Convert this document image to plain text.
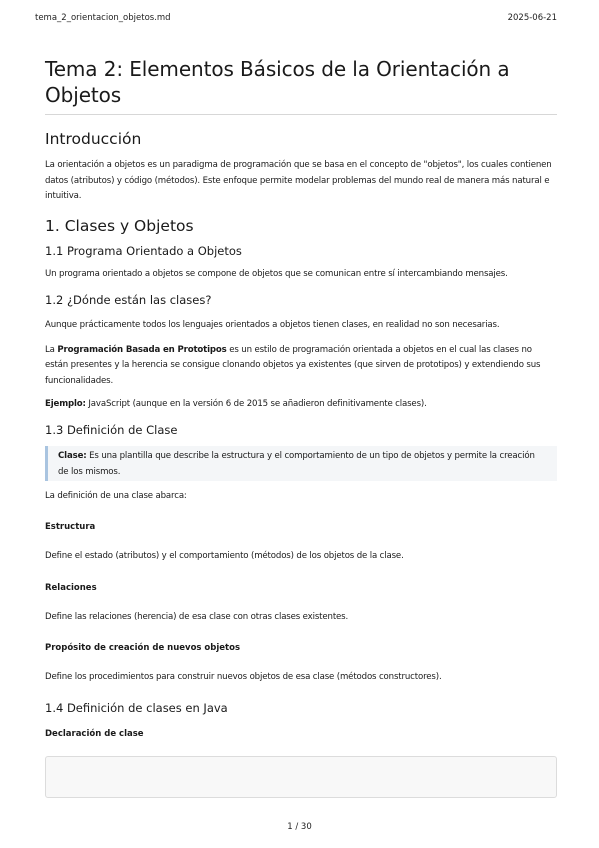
tema_2_orientacion_objetos.md	2025-06-21
Tema 2: Elementos Básicos de la Orientación a Objetos
Introducción

La orientación a objetos es un paradigma de programación que se basa en el concepto de "objetos", los cuales contienen datos (atributos) y código (métodos). Este enfoque permite modelar problemas del mundo real de manera más natural e intuitiva.

1. Clases y Objetos
1.1 Programa Orientado a Objetos

Un programa orientado a objetos se compone de objetos que se comunican entre sí intercambiando mensajes.

1.2 ¿Dónde están las clases?

Aunque prácticamente todos los lenguajes orientados a objetos tienen clases, en realidad no son necesarias.

La Programación Basada en Prototipos es un estilo de programación orientada a objetos en el cual las clases no están presentes y la herencia se consigue clonando objetos ya existentes (que sirven de prototipos) y extendiendo sus funcionalidades.

Ejemplo: JavaScript (aunque en la versión 6 de 2015 se añadieron definitivamente clases).

1.3 Definición de Clase

Clase: Es una plantilla que describe la estructura y el comportamiento de un tipo de objetos y permite la creación de los mismos.

La definición de una clase abarca:

Estructura

Define el estado (atributos) y el comportamiento (métodos) de los objetos de la clase.

Relaciones

Define las relaciones (herencia) de esa clase con otras clases existentes.

Propósito de creación de nuevos objetos

Define los procedimientos para construir nuevos objetos de esa clase (métodos constructores).

1.4 Definición de clases en Java
Declaración de clase
1 / 30
